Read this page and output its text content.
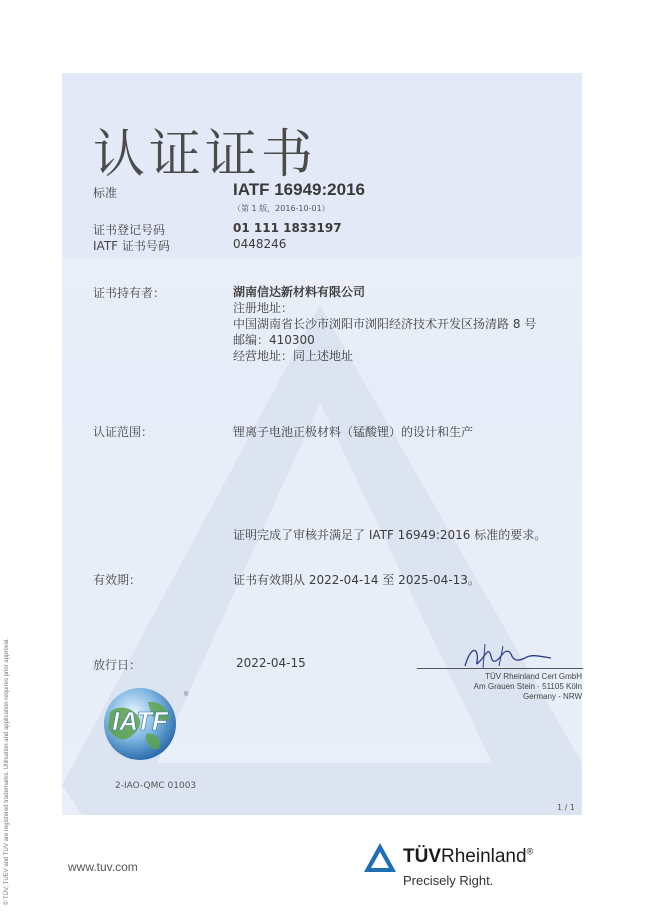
© TÜV, TUEV and TUV are registered trademarks. Utilisation and application requires prior approval.
认证证书
标准	IATF 16949:2016
（第 1 版，2016-10-01）
证书登记号码	01 111 1833197
IATF 证书号码	0448246
证书持有者：	湖南信达新材料有限公司
注册地址：
中国湖南省长沙市浏阳市浏阳经济技术开发区扬清路 8 号
邮编：410300
经营地址：同上述地址
认证范围：	锂离子电池正极材料（锰酸锂）的设计和生产
证明完成了审核并满足了 IATF 16949:2016 标准的要求。
有效期：	证书有效期从 2022-04-14 至 2025-04-13。
放行日：	2022-04-15
TÜV Rheinland Cert GmbH
Am Grauen Stein · 51105 Köln
Germany - NRW
IATF
®
2-IAO-QMC 01003
1 / 1
www.tuv.com	TÜVRheinland®
Precisely Right.
